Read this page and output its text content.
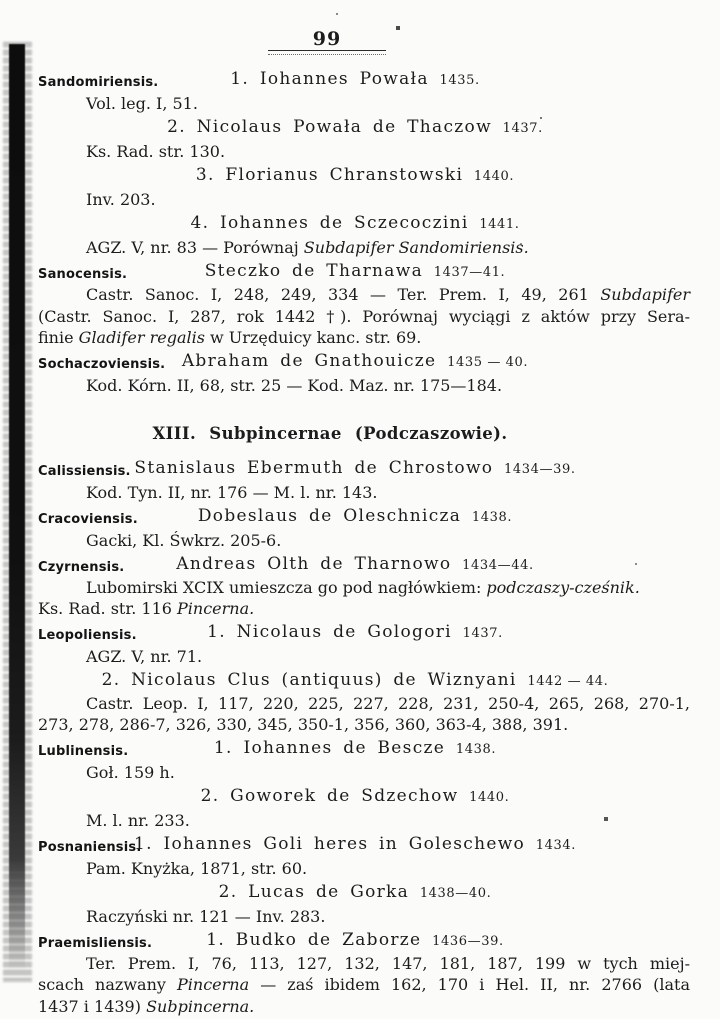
99
Sandomiriensis.	1. Iohannes Powała 1435.
Vol. leg. I, 51.
2. Nicolaus Powała de Thaczow 1437.
Ks. Rad. str. 130.
3. Florianus Chranstowski 1440.
Inv. 203.
4. Iohannes de Sczecoczini 1441.
AGZ. V, nr. 83 — Porównaj Subdapifer Sandomiriensis.
Sanocensis.	Steczko de Tharnawa 1437—41.
Castr. Sanoc. I, 248, 249, 334 — Ter. Prem. I, 49, 261 Subdapifer
(Castr. Sanoc. I, 287, rok 1442 †). Porównaj wyciągi z aktów przy Sera-
finie Gladifer regalis w Urzęduicy kanc. str. 69.
Sochaczoviensis. Abraham de Gnathouicze 1435 — 40.
Kod. Kórn. II, 68, str. 25 — Kod. Maz. nr. 175—184.
XIII. Subpincernae (Podczaszowie).
Calissiensis. Stanislaus Ebermuth de Chrostowo 1434—39.
Kod. Tyn. II, nr. 176 — M. l. nr. 143.
Cracoviensis.	Dobeslaus de Oleschnicza 1438.
Gacki, Kl. Śwkrz. 205-6.
Czyrnensis.	Andreas Olth de Tharnowo 1434—44.
Lubomirski XCIX umieszcza go pod nagłówkiem: podczaszy-cześnik.
Ks. Rad. str. 116 Pincerna.
Leopoliensis.	1. Nicolaus de Gologori 1437.
AGZ. V, nr. 71.
2. Nicolaus Clus (antiquus) de Wiznyani 1442 — 44.
Castr. Leop. I, 117, 220, 225, 227, 228, 231, 250-4, 265, 268, 270-1,
273, 278, 286-7, 326, 330, 345, 350-1, 356, 360, 363-4, 388, 391.
Lublinensis.	1. Iohannes de Bescze 1438.
Goł. 159 h.
2. Goworek de Sdzechow 1440.
M. l. nr. 233.
Posnaniensis.
1. Iohannes Goli heres in Goleschewo 1434.
Pam. Knyżka, 1871, str. 60.
2. Lucas de Gorka 1438—40.
Raczyński nr. 121 — Inv. 283.
Praemisliensis.	1. Budko de Zaborze 1436—39.
Ter. Prem. I, 76, 113, 127, 132, 147, 181, 187, 199 w tych miej-
scach nazwany Pincerna — zaś ibidem 162, 170 i Hel. II, nr. 2766 (lata
1437 i 1439) Subpincerna.
